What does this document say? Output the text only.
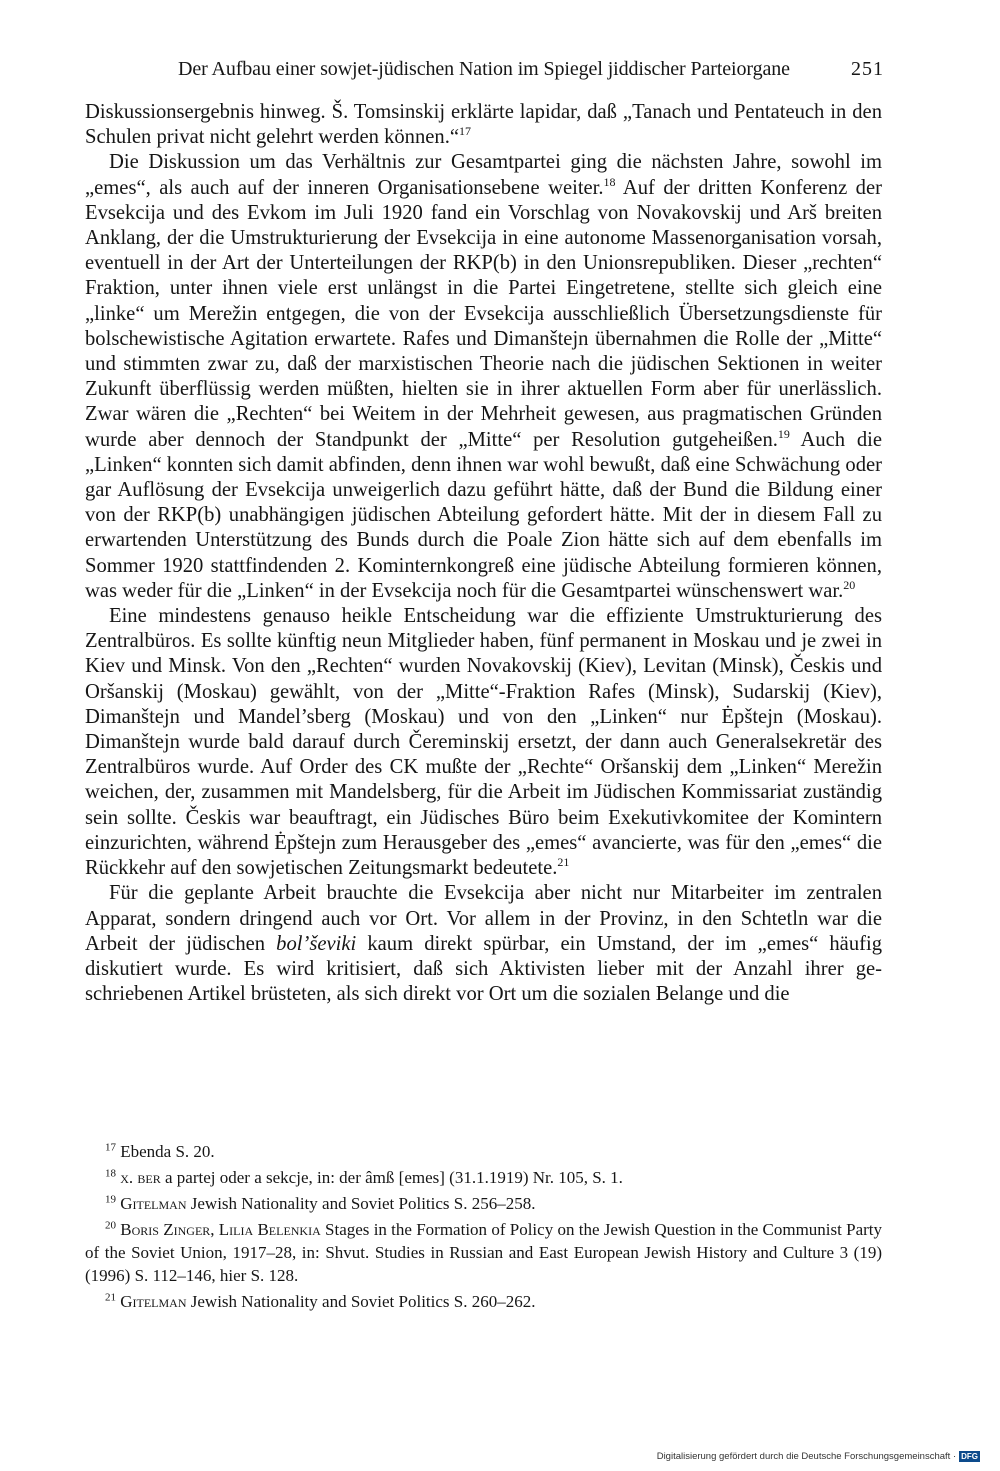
Der Aufbau einer sowjet-jüdischen Nation im Spiegel jiddischer Parteiorgane	251

Diskussionsergebnis hinweg. Š. Tomsinskij erklärte lapidar, daß „Tanach und Pentateuch in den Schulen privat nicht gelehrt werden können.“$^{17}$

Die Diskussion um das Verhältnis zur Gesamtpartei ging die nächsten Jahre, sowohl im „emes“, als auch auf der inneren Organisationsebene weiter.$^{18}$ Auf der dritten Konferenz der Evsekcija und des Evkom im Juli 1920 fand ein Vorschlag von Novakovskij und Arš breiten Anklang, der die Umstrukturierung der Evsekcija in eine autonome Massenorganisation vorsah, eventuell in der Art der Unterteilungen der RKP(b) in den Unionsrepubliken. Dieser „rechten“ Fraktion, unter ihnen viele erst unlängst in die Partei Eingetretene, stellte sich gleich eine „linke“ um Merežin entgegen, die von der Evsekcija ausschließlich Übersetzungsdienste für bolschewistische Agitation erwartete. Rafes und Dimanštejn übernahmen die Rolle der „Mitte“ und stimmten zwar zu, daß der marxistischen Theorie nach die jüdischen Sektionen in weiter Zukunft überflüssig werden müßten, hielten sie in ihrer aktuellen Form aber für unerlässlich. Zwar wären die „Rechten“ bei Weitem in der Mehrheit gewesen, aus pragmatischen Gründen wurde aber dennoch der Standpunkt der „Mitte“ per Resolution gutgeheißen.$^{19}$ Auch die „Linken“ konnten sich damit abfinden, denn ihnen war wohl bewußt, daß eine Schwächung oder gar Auflösung der Evsekcija unweigerlich dazu geführt hätte, daß der Bund die Bildung einer von der RKP(b) unabhängigen jüdischen Abteilung gefordert hätte. Mit der in diesem Fall zu erwartenden Unterstützung des Bunds durch die Poale Zion hätte sich auf dem ebenfalls im Sommer 1920 stattfindenden 2. Kominternkongreß eine jüdische Abteilung formieren können, was weder für die „Linken“ in der Evsekcija noch für die Gesamtpartei wünschenswert war.$^{20}$

Eine mindestens genauso heikle Entscheidung war die effiziente Umstrukturierung des Zentralbüros. Es sollte künftig neun Mitglieder haben, fünf permanent in Moskau und je zwei in Kiev und Minsk. Von den „Rechten“ wurden Novakovskij (Kiev), Levitan (Minsk), Českis und Oršanskij (Moskau) gewählt, von der „Mitte“-Fraktion Rafes (Minsk), Sudarskij (Kiev), Dimanštejn und Mandel’sberg (Moskau) und von den „Linken“ nur Ėpštejn (Moskau). Dimanštejn wurde bald darauf durch Čereminskij ersetzt, der dann auch Generalsekretär des Zentralbüros wurde. Auf Order des CK mußte der „Rechte“ Oršanskij dem „Linken“ Merežin weichen, der, zusammen mit Mandelsberg, für die Arbeit im Jüdischen Kommissariat zuständig sein sollte. Českis war beauftragt, ein Jüdisches Büro beim Exekutivkomitee der Komintern einzurichten, während Ėpštejn zum Herausgeber des „emes“ avancierte, was für den „emes“ die Rückkehr auf den sowjetischen Zeitungsmarkt bedeutete.$^{21}$

Für die geplante Arbeit brauchte die Evsekcija aber nicht nur Mitarbeiter im zentralen Apparat, sondern dringend auch vor Ort. Vor allem in der Provinz, in den Schtetln war die Arbeit der jüdischen bol’ševiki kaum direkt spürbar, ein Umstand, der im „emes“ häufig diskutiert wurde. Es wird kritisiert, daß sich Aktivisten lieber mit der Anzahl ihrer geschriebenen Artikel brüsteten, als sich direkt vor Ort um die sozialen Belange und die

$^{17}$ Ebenda S. 20.

$^{18}$ x. ber a partej oder a sekcje, in: der âmß [emes] (31.1.1919) Nr. 105, S. 1.

$^{19}$ Gitelman Jewish Nationality and Soviet Politics S. 256–258.

$^{20}$ Boris Zinger, Lilia Belenkia Stages in the Formation of Policy on the Jewish Question in the Communist Party of the Soviet Union, 1917–28, in: Shvut. Studies in Russian and East European Jewish History and Culture 3 (19) (1996) S. 112–146, hier S. 128.

$^{21}$ Gitelman Jewish Nationality and Soviet Politics S. 260–262.

Digitalisierung gefördert durch die Deutsche Forschungsgemeinschaft · DFG
